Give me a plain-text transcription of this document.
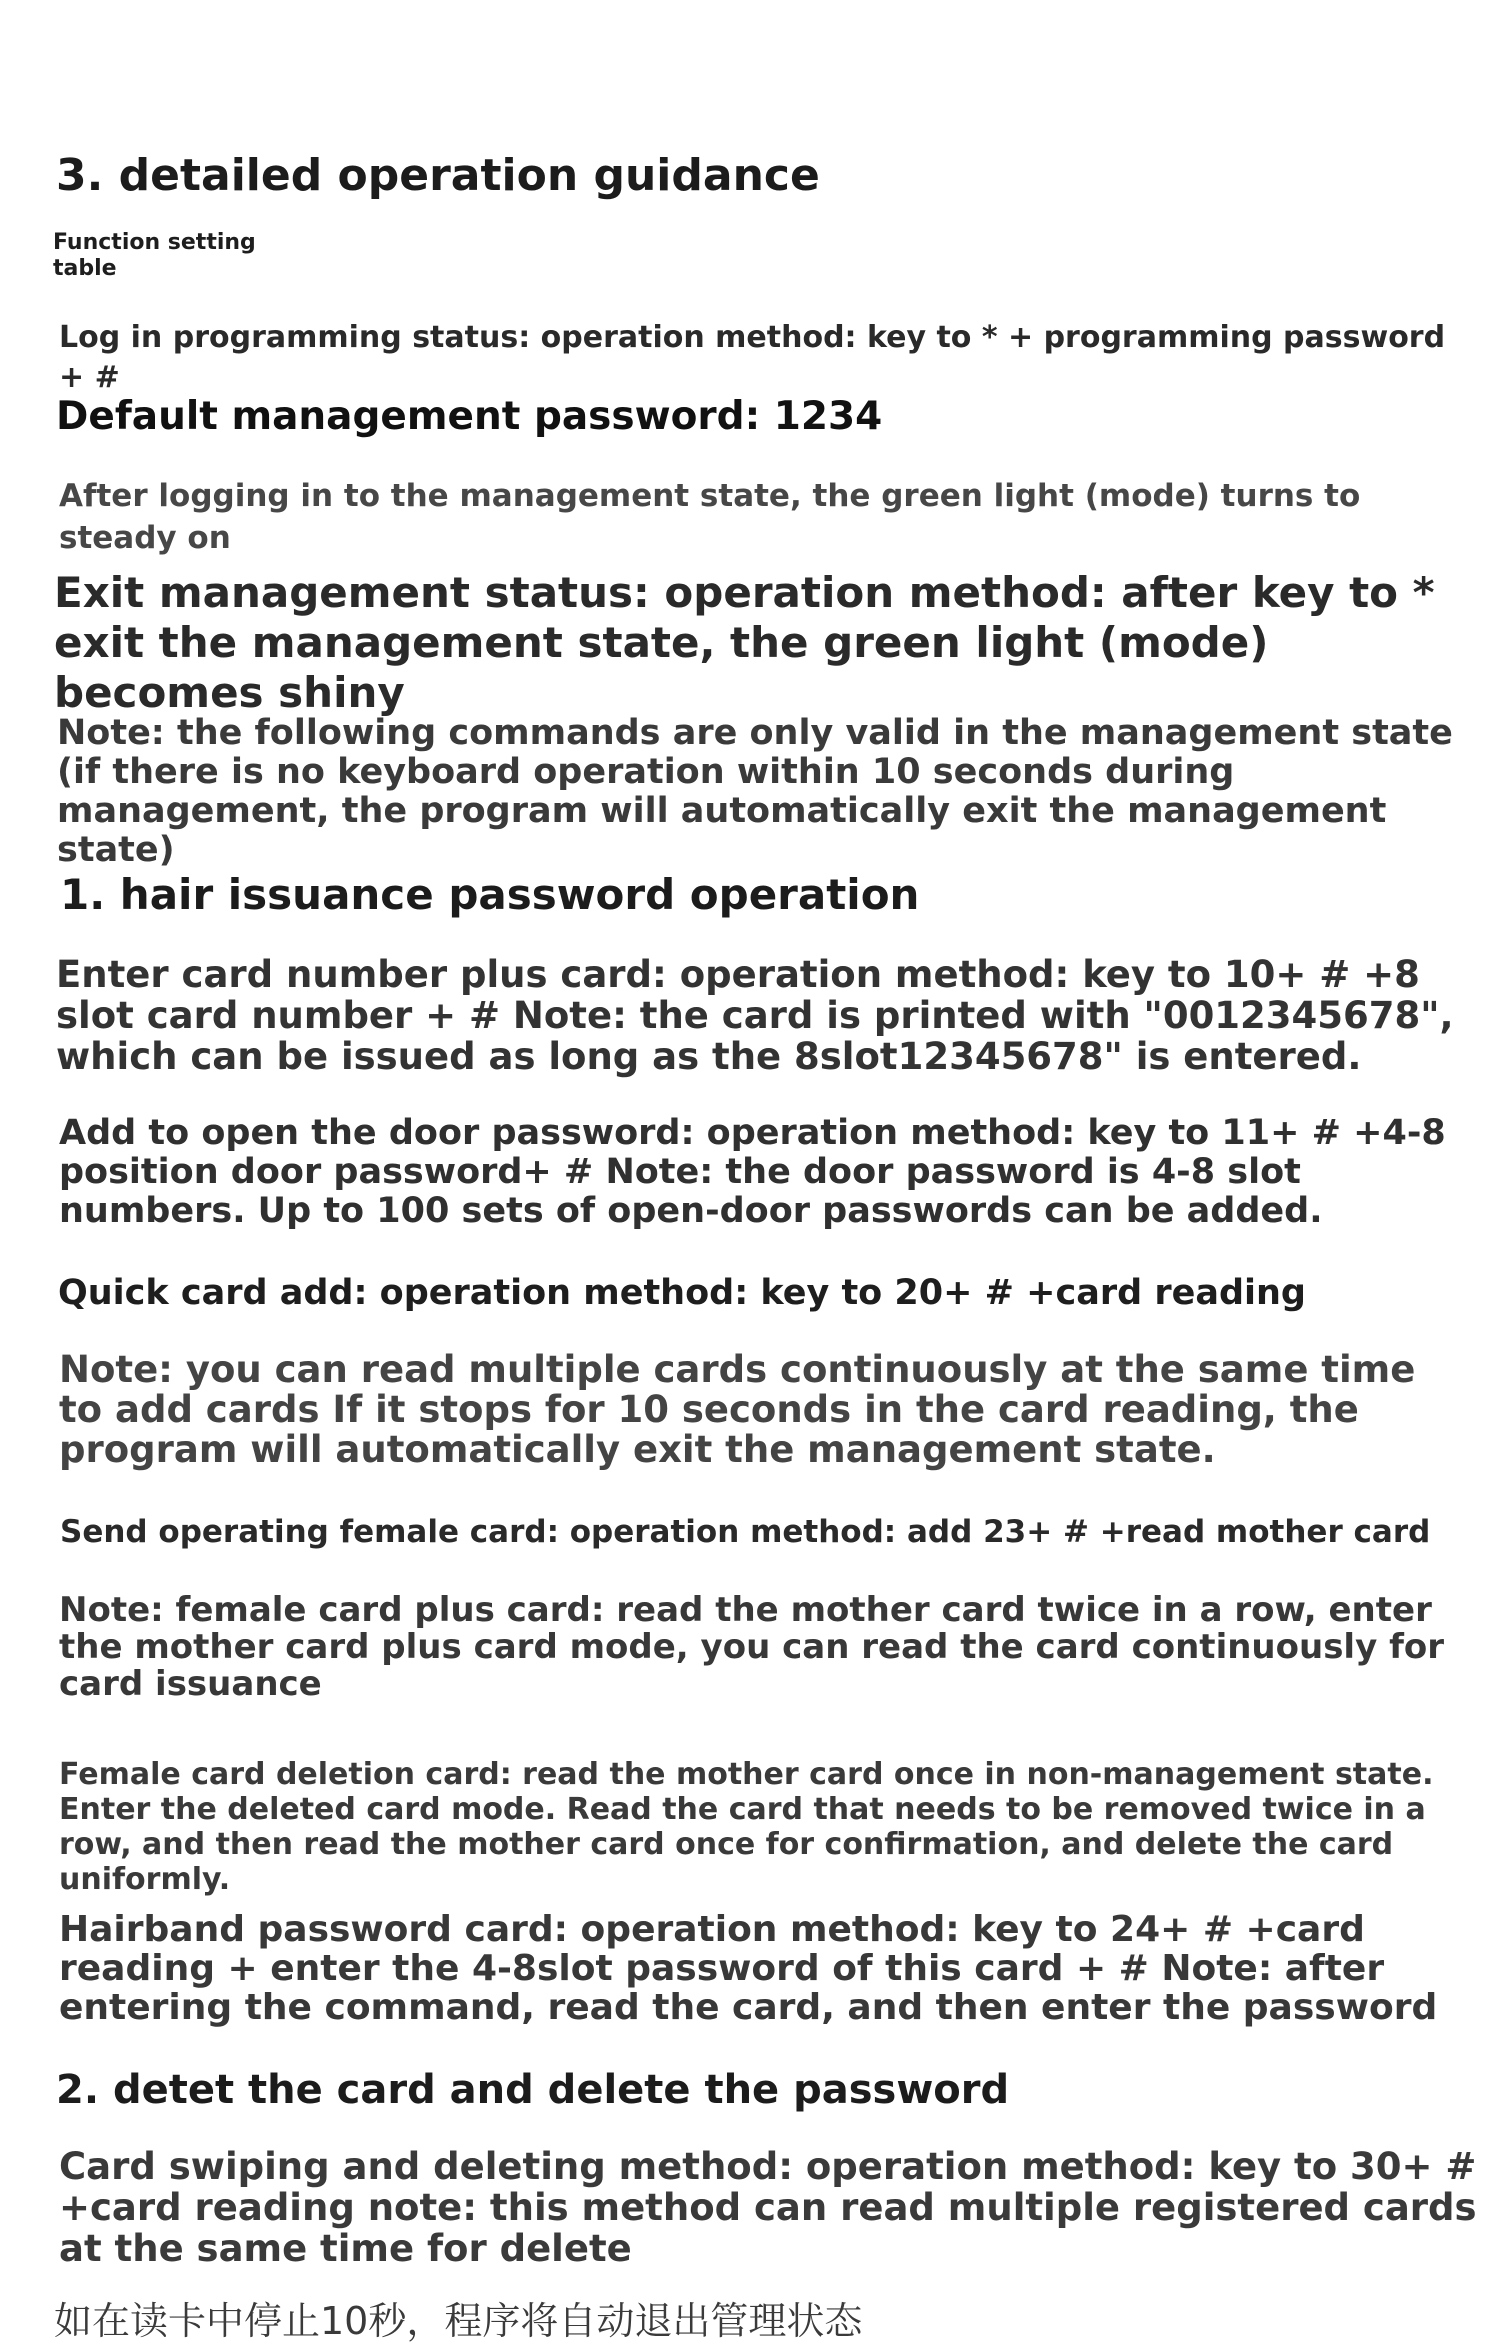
3. detailed operation guidance

Function setting table

Log in programming status: operation method: key to * + programming password + #

Default management password: 1234

After logging in to the management state, the green light (mode) turns to steady on

Exit management status: operation method: after key to * exit the management state, the green light (mode) becomes shiny

Note: the following commands are only valid in the management state (if there is no keyboard operation within 10 seconds during management, the program will automatically exit the management state)

1. hair issuance password operation

Enter card number plus card: operation method: key to 10+ # +8 slot card number + # Note: the card is printed with "0012345678", which can be issued as long as the 8slot12345678" is entered.

Add to open the door password: operation method: key to 11+ # +4-8 position door password+ # Note: the door password is 4-8 slot numbers. Up to 100 sets of open-door passwords can be added.

Quick card add: operation method: key to 20+ # +card reading

Note: you can read multiple cards continuously at the same time to add cards If it stops for 10 seconds in the card reading, the program will automatically exit the management state.

Send operating female card: operation method: add 23+ # +read mother card

Note: female card plus card: read the mother card twice in a row, enter the mother card plus card mode, you can read the card continuously for card issuance

Female card deletion card: read the mother card once in non-management state. Enter the deleted card mode. Read the card that needs to be removed twice in a row, and then read the mother card once for confirmation, and delete the card uniformly.

Hairband password card: operation method: key to 24+ # +card reading + enter the 4-8slot password of this card + # Note: after entering the command, read the card, and then enter the password

2. detet the card and delete the password

Card swiping and deleting method: operation method: key to 30+ # +card reading note: this method can read multiple registered cards at the same time for delete

如在读卡中停止10秒，程序将自动退出管理状态
